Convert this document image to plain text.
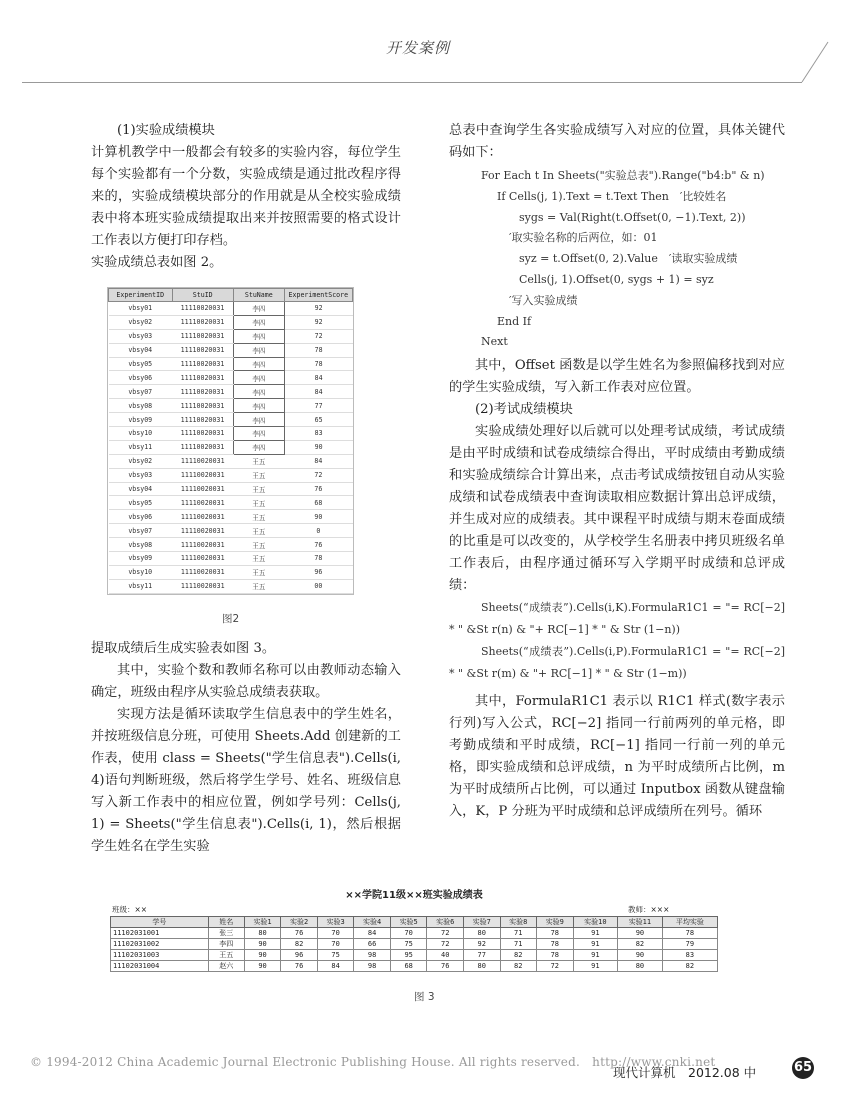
开发案例

(1)实验成绩模块

计算机教学中一般都会有较多的实验内容，每位学生每个实验都有一个分数，实验成绩是通过批改程序得来的，实验成绩模块部分的作用就是从全校实验成绩表中将本班实验成绩提取出来并按照需要的格式设计工作表以方便打印存档。

实验成绩总表如图 2。

ExperimentID	StuID	StuName	ExperimentScore
vbsy01	11110020031	李四	92
vbsy02	11110020031	李四	92
vbsy03	11110020031	李四	72
vbsy04	11110020031	李四	78
vbsy05	11110020031	李四	78
vbsy06	11110020031	李四	84
vbsy07	11110020031	李四	84
vbsy08	11110020031	李四	77
vbsy09	11110020031	李四	65
vbsy10	11110020031	李四	83
vbsy11	11110020031	李四	90
vbsy02	11110020031	王五	84
vbsy03	11110020031	王五	72
vbsy04	11110020031	王五	76
vbsy05	11110020031	王五	68
vbsy06	11110020031	王五	90
vbsy07	11110020031	王五	0
vbsy08	11110020031	王五	76
vbsy09	11110020031	王五	78
vbsy10	11110020031	王五	96
vbsy11	11110020031	王五	00
图2

提取成绩后生成实验表如图 3。

其中，实验个数和教师名称可以由教师动态输入确定，班级由程序从实验总成绩表获取。

实现方法是循环读取学生信息表中的学生姓名，并按班级信息分班，可使用 Sheets.Add 创建新的工作表，使用 class = Sheets("学生信息表").Cells(i, 4)语句判断班级，然后将学生学号、姓名、班级信息写入新工作表中的相应位置，例如学号列：Cells(j, 1) = Sheets("学生信息表").Cells(i, 1)，然后根据学生姓名在学生实验

总表中查询学生各实验成绩写入对应的位置，具体关键代码如下：

For Each t In Sheets("实验总表").Range("b4:b" & n)
If Cells(j, 1).Text = t.Text Then　′比较姓名
sygs = Val(Right(t.Offset(0, −1).Text, 2))
′取实验名称的后两位，如：01
syz = t.Offset(0, 2).Value　′读取实验成绩
Cells(j, 1).Offset(0, sygs + 1) = syz
′写入实验成绩
End If
Next

其中，Offset 函数是以学生姓名为参照偏移找到对应的学生实验成绩，写入新工作表对应位置。

(2)考试成绩模块

实验成绩处理好以后就可以处理考试成绩，考试成绩是由平时成绩和试卷成绩综合得出，平时成绩由考勤成绩和实验成绩综合计算出来，点击考试成绩按钮自动从实验成绩和试卷成绩表中查询读取相应数据计算出总评成绩，并生成对应的成绩表。其中课程平时成绩与期末卷面成绩的比重是可以改变的，从学校学生名册表中拷贝班级名单工作表后，由程序通过循环写入学期平时成绩和总评成绩：

Sheets(“成绩表”).Cells(i,K).FormulaR1C1 = "= RC[−2] * " &St r(n) & "+ RC[−1] * " & Str (1−n))

Sheets(“成绩表”).Cells(i,P).FormulaR1C1 = "= RC[−2] * " &St r(m) & "+ RC[−1] * " & Str (1−m))

其中，FormulaR1C1 表示以 R1C1 样式(数字表示行列)写入公式，RC[−2] 指同一行前两列的单元格，即考勤成绩和平时成绩，RC[−1] 指同一行前一列的单元格，即实验成绩和总评成绩，n 为平时成绩所占比例，m 为平时成绩所占比例，可以通过 Inputbox 函数从键盘输入，K，P 分班为平时成绩和总评成绩所在列号。循环

××学院11级××班实验成绩表
班级：××	教师：×××
学号	姓名	实验1	实验2	实验3	实验4	实验5	实验6	实验7	实验8	实验9	实验10	实验11	平均实验
11102031001	张三	80	76	70	84	70	72	80	71	78	91	90	78
11102031002	李四	90	82	70	66	75	72	92	71	78	91	82	79
11102031003	王五	90	96	75	98	95	40	77	82	78	91	90	83
11102031004	赵六	90	76	84	98	68	76	80	82	72	91	80	82
图 3
© 1994-2012 China Academic Journal Electronic Publishing House. All rights reserved.　http://www.cnki.net
现代计算机　2012.08 中	65
